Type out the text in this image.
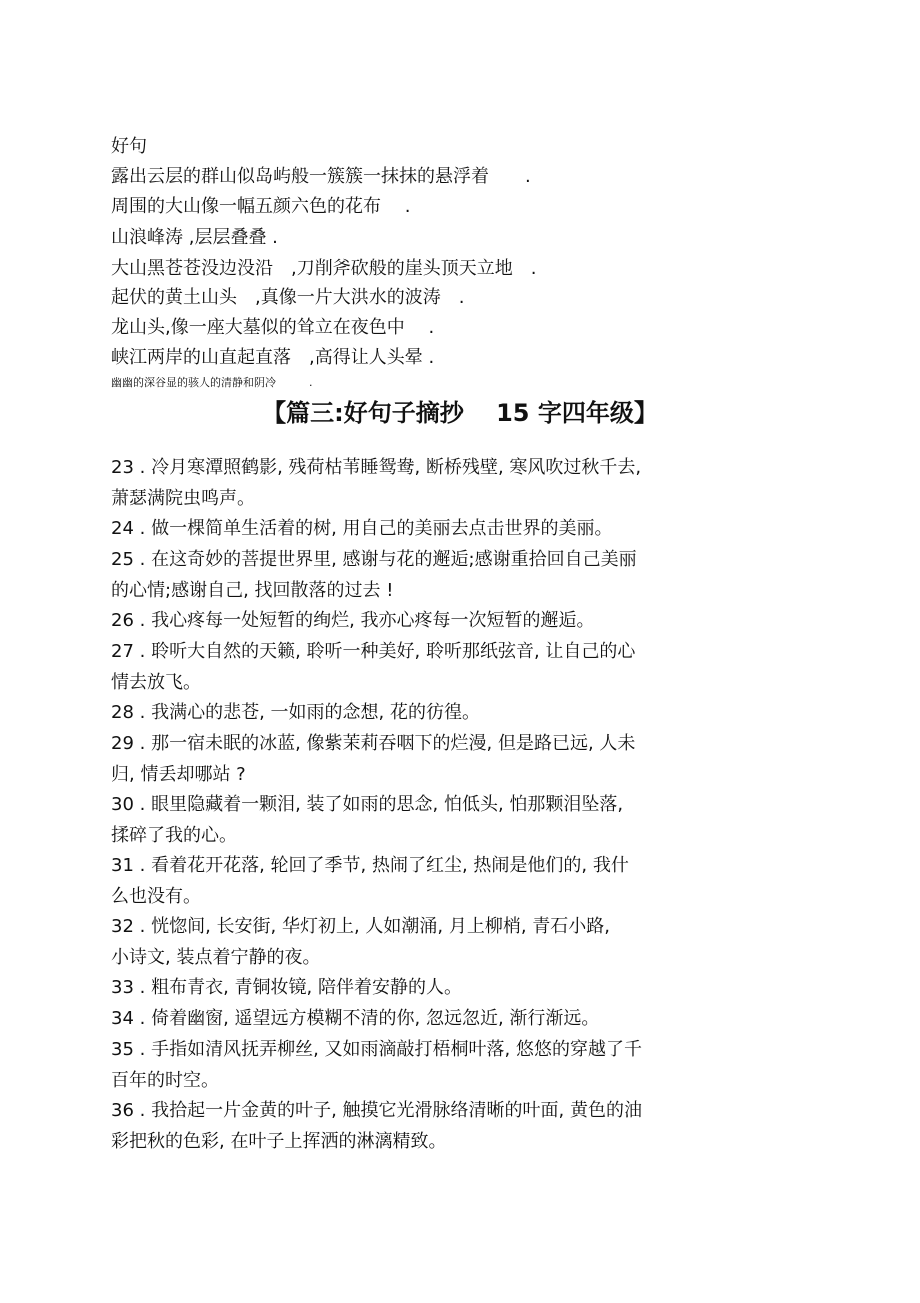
好句
露出云层的群山似岛屿般一簇簇一抹抹的悬浮着　　.
周围的大山像一幅五颜六色的花布　 .
山浪峰涛 ,层层叠叠 .
大山黑苍苍没边没沿　,刀削斧砍般的崖头顶天立地　.
起伏的黄土山头　,真像一片大洪水的波涛　.
龙山头,像一座大墓似的耸立在夜色中　 .
峡江两岸的山直起直落　,高得让人头晕 .
幽幽的深谷显的骇人的清静和阴冷　　　.
【篇三:好句子摘抄　 15 字四年级】

23 . 冷月寒潭照鹤影, 残荷枯苇睡鸳鸯, 断桥残壁, 寒风吹过秋千去,

萧瑟满院虫鸣声。

24 . 做一棵简单生活着的树, 用自己的美丽去点击世界的美丽。

25 . 在这奇妙的菩提世界里, 感谢与花的邂逅;感谢重拾回自己美丽

的心情;感谢自己, 找回散落的过去 !

26 . 我心疼每一处短暂的绚烂, 我亦心疼每一次短暂的邂逅。

27 . 聆听大自然的天籁, 聆听一种美好, 聆听那纸弦音, 让自己的心

情去放飞。

28 . 我满心的悲苍, 一如雨的念想, 花的彷徨。

29 . 那一宿未眠的冰蓝, 像紫茉莉吞咽下的烂漫, 但是路已远, 人未

归, 情丢却哪站 ?

30 . 眼里隐藏着一颗泪, 装了如雨的思念, 怕低头, 怕那颗泪坠落,

揉碎了我的心。

31 . 看着花开花落, 轮回了季节, 热闹了红尘, 热闹是他们的, 我什

么也没有。

32 . 恍惚间, 长安街, 华灯初上, 人如潮涌, 月上柳梢, 青石小路,

小诗文, 装点着宁静的夜。

33 . 粗布青衣, 青铜妆镜, 陪伴着安静的人。

34 . 倚着幽窗, 遥望远方模糊不清的你, 忽远忽近, 渐行渐远。

35 . 手指如清风抚弄柳丝, 又如雨滴敲打梧桐叶落, 悠悠的穿越了千

百年的时空。

36 . 我拾起一片金黄的叶子, 触摸它光滑脉络清晰的叶面, 黄色的油

彩把秋的色彩, 在叶子上挥洒的淋漓精致。
